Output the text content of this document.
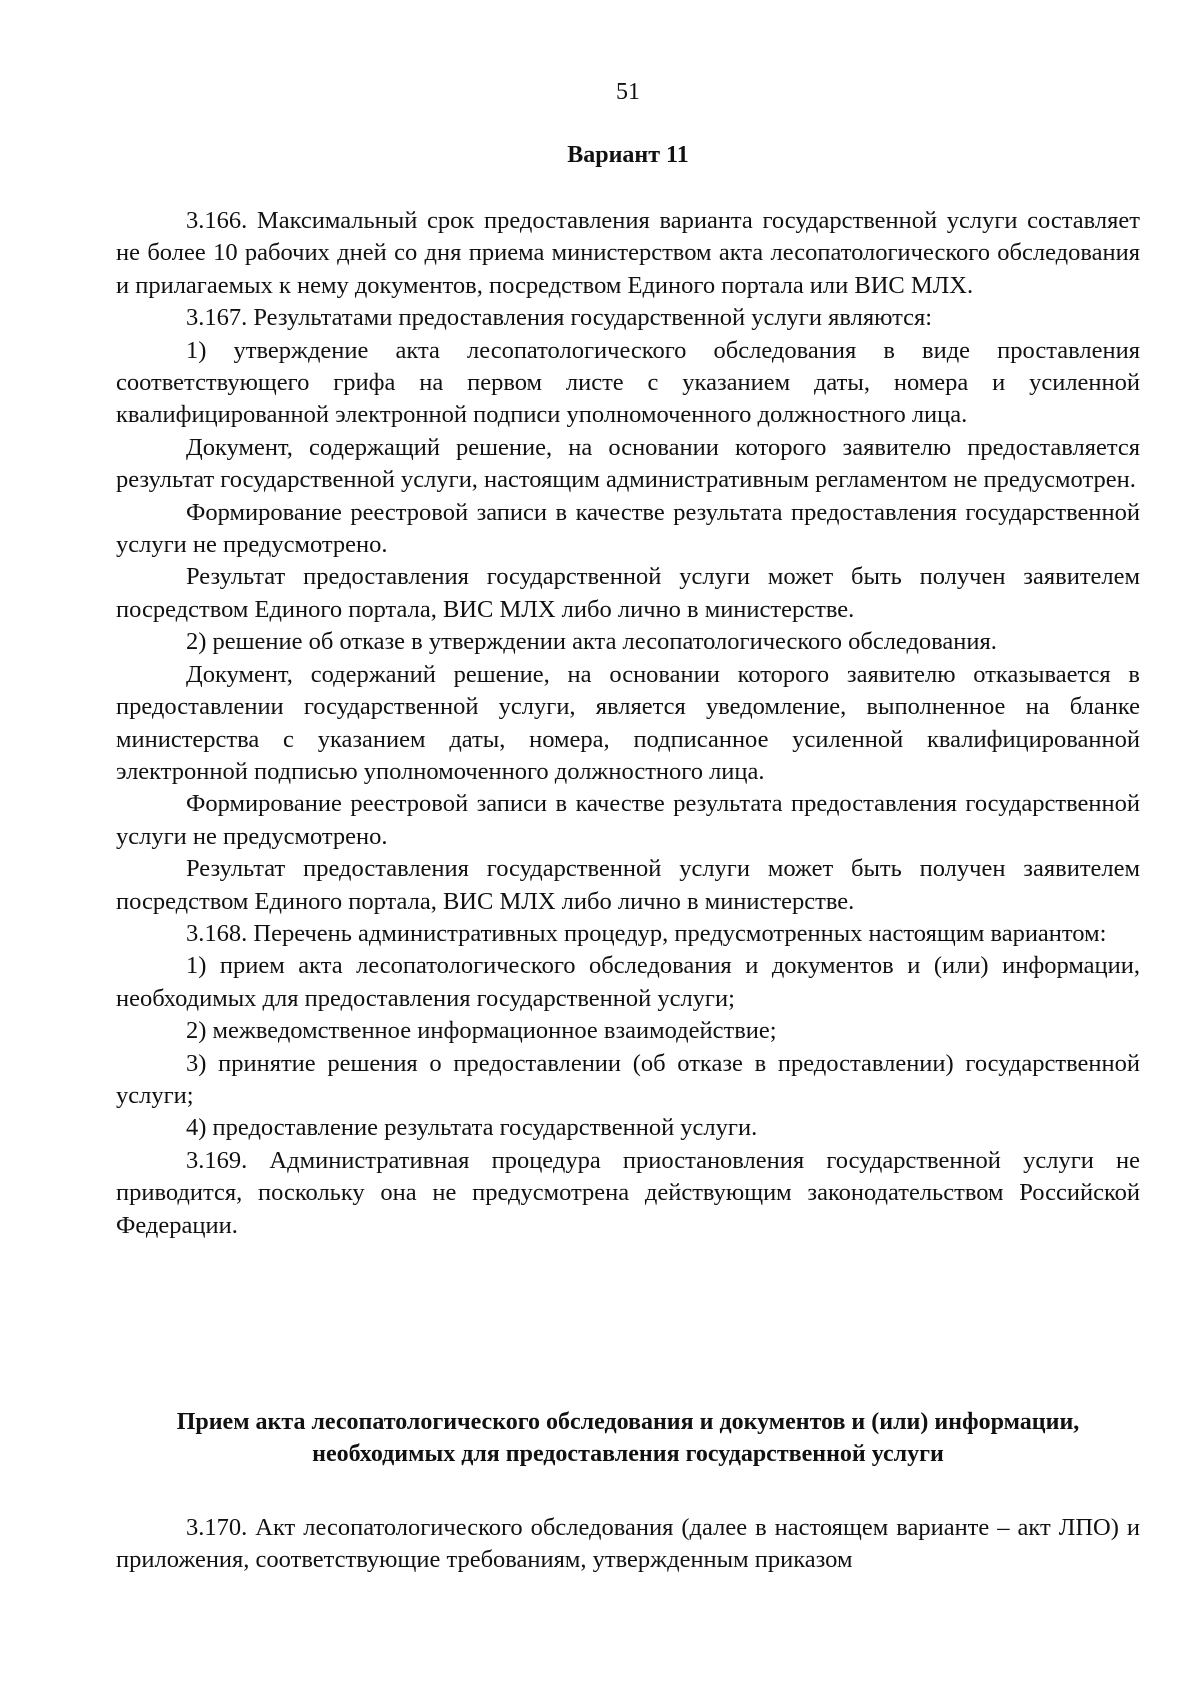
51
Вариант 11

3.166. Максимальный срок предоставления варианта государственной услуги составляет не более 10 рабочих дней со дня приема министерством акта лесопатологического обследования и прилагаемых к нему документов, посредством Единого портала или ВИС МЛХ.

3.167. Результатами предоставления государственной услуги являются:

1) утверждение акта лесопатологического обследования в виде проставления соответствующего грифа на первом листе с указанием даты, номера и усиленной квалифицированной электронной подписи уполномоченного должностного лица.

Документ, содержащий решение, на основании которого заявителю предоставляется результат государственной услуги, настоящим административным регламентом не предусмотрен.

Формирование реестровой записи в качестве результата предоставления государственной услуги не предусмотрено.

Результат предоставления государственной услуги может быть получен заявителем посредством Единого портала, ВИС МЛХ либо лично в министерстве.

2) решение об отказе в утверждении акта лесопатологического обследования.

Документ, содержаний решение, на основании которого заявителю отказывается в предоставлении государственной услуги, является уведомление, выполненное на бланке министерства с указанием даты, номера, подписанное усиленной квалифицированной электронной подписью уполномоченного должностного лица.

Формирование реестровой записи в качестве результата предоставления государственной услуги не предусмотрено.

Результат предоставления государственной услуги может быть получен заявителем посредством Единого портала, ВИС МЛХ либо лично в министерстве.

3.168. Перечень административных процедур, предусмотренных настоящим вариантом:

1) прием акта лесопатологического обследования и документов и (или) информации, необходимых для предоставления государственной услуги;

2) межведомственное информационное взаимодействие;

3) принятие решения о предоставлении (об отказе в предоставлении) государственной услуги;

4) предоставление результата государственной услуги.

3.169. Административная процедура приостановления государственной услуги не приводится, поскольку она не предусмотрена действующим законодательством Российской Федерации.

Прием акта лесопатологического обследования и документов и (или) информации, необходимых для предоставления государственной услуги

3.170. Акт лесопатологического обследования (далее в настоящем варианте – акт ЛПО) и приложения, соответствующие требованиям, утвержденным приказом
